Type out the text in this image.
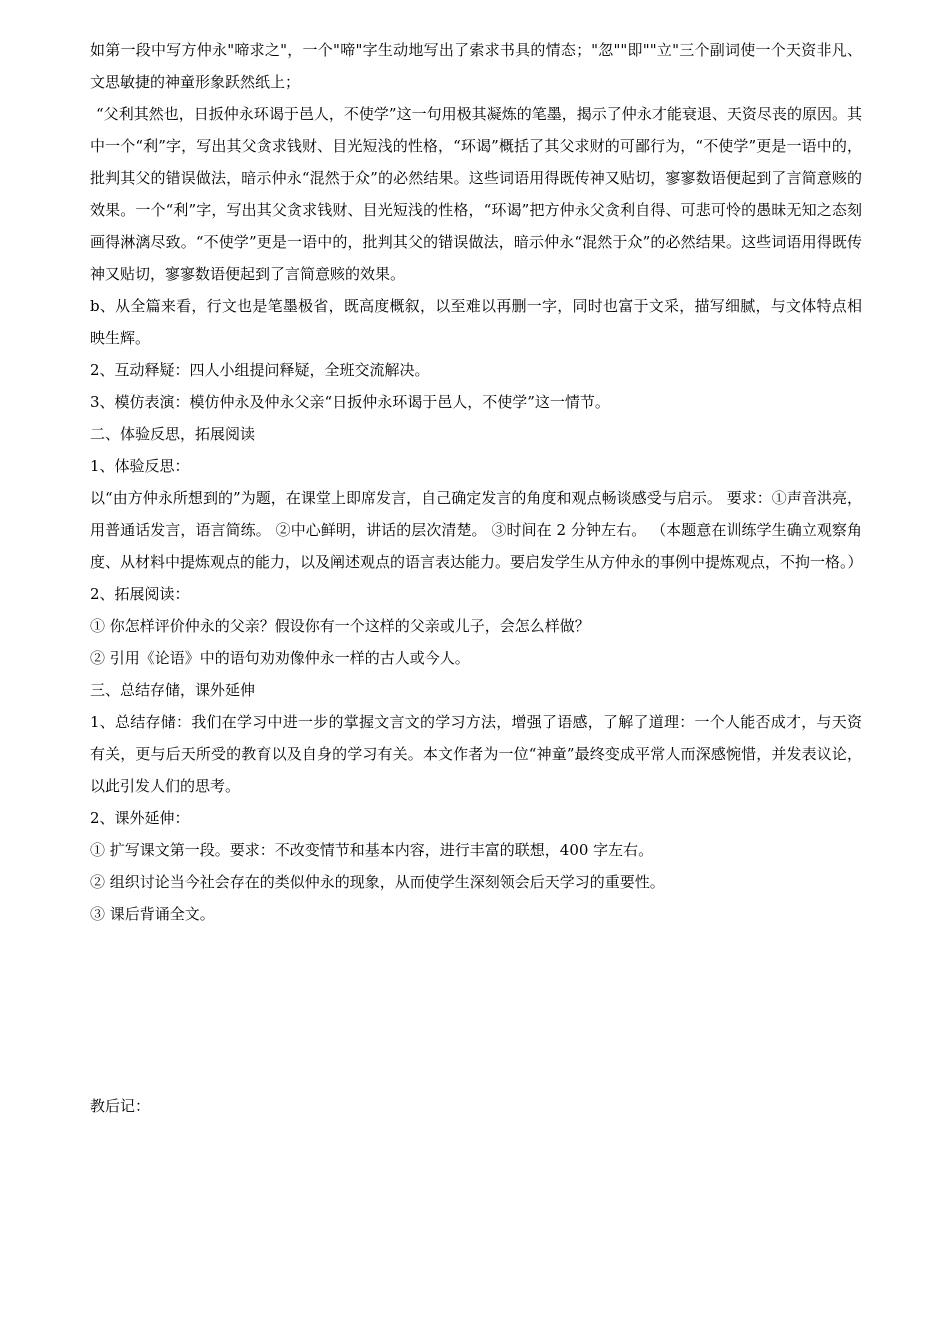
如第一段中写方仲永"啼求之"，一个"啼"字生动地写出了索求书具的情态；"忽""即""立"三个副词使一个天资非凡、文思敏捷的神童形象跃然纸上；

“父利其然也，日扳仲永环谒于邑人，不使学”这一句用极其凝炼的笔墨，揭示了仲永才能衰退、天资尽丧的原因。其中一个“利”字，写出其父贪求钱财、目光短浅的性格，“环谒”概括了其父求财的可鄙行为，“不使学”更是一语中的，批判其父的错误做法，暗示仲永“混然于众”的必然结果。这些词语用得既传神又贴切，寥寥数语便起到了言简意赅的效果。一个“利”字，写出其父贪求钱财、目光短浅的性格，“环谒”把方仲永父贪利自得、可悲可怜的愚昧无知之态刻画得淋漓尽致。“不使学”更是一语中的，批判其父的错误做法，暗示仲永“混然于众”的必然结果。这些词语用得既传神又贴切，寥寥数语便起到了言简意赅的效果。

b、从全篇来看，行文也是笔墨极省，既高度概叙，以至难以再删一字，同时也富于文采，描写细腻，与文体特点相映生辉。

2、互动释疑：四人小组提问释疑，全班交流解决。

3、模仿表演：模仿仲永及仲永父亲“日扳仲永环谒于邑人，不使学”这一情节。

二、体验反思，拓展阅读

1、体验反思：

以“由方仲永所想到的”为题，在课堂上即席发言，自己确定发言的角度和观点畅谈感受与启示。 要求：①声音洪亮，用普通话发言，语言简练。 ②中心鲜明，讲话的层次清楚。 ③时间在 2 分钟左右。 （本题意在训练学生确立观察角度、从材料中提炼观点的能力，以及阐述观点的语言表达能力。要启发学生从方仲永的事例中提炼观点，不拘一格。）

2、拓展阅读：

① 你怎样评价仲永的父亲？假设你有一个这样的父亲或儿子，会怎么样做？

② 引用《论语》中的语句劝劝像仲永一样的古人或今人。

三、总结存储，课外延伸

1、总结存储：我们在学习中进一步的掌握文言文的学习方法，增强了语感，了解了道理：一个人能否成才，与天资有关，更与后天所受的教育以及自身的学习有关。本文作者为一位“神童”最终变成平常人而深感惋惜，并发表议论，以此引发人们的思考。

2、课外延伸：

① 扩写课文第一段。要求：不改变情节和基本内容，进行丰富的联想，400 字左右。

② 组织讨论当今社会存在的类似仲永的现象，从而使学生深刻领会后天学习的重要性。

③ 课后背诵全文。

教后记：
